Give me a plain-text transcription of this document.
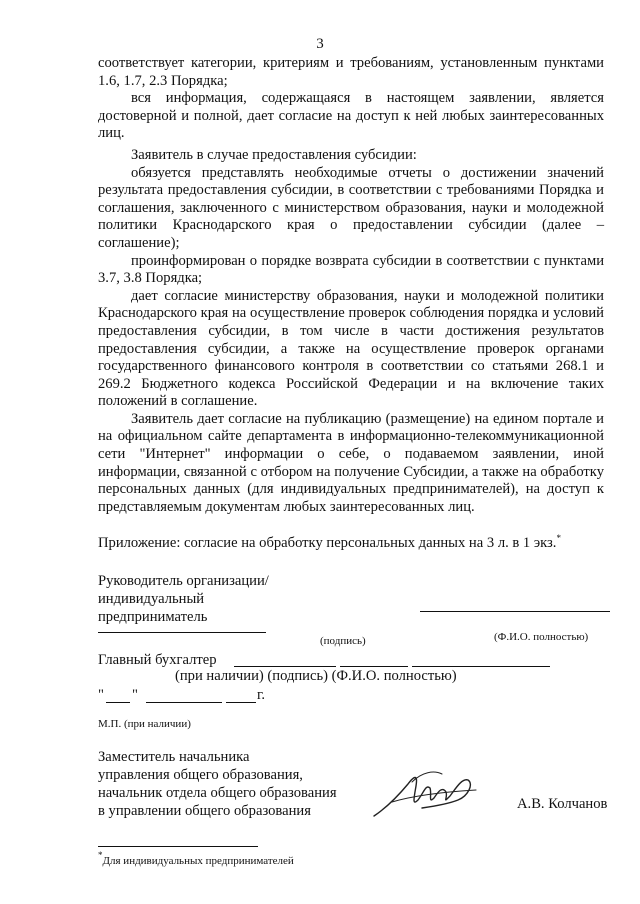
3

соответствует категории, критериям и требованиям, установленным пунктами 1.6, 1.7, 2.3 Порядка;

вся информация, содержащаяся в настоящем заявлении, является достоверной и полной, дает согласие на доступ к ней любых заинтересованных лиц.

Заявитель в случае предоставления субсидии:

обязуется представлять необходимые отчеты о достижении значений результата предоставления субсидии, в соответствии с требованиями Порядка и соглашения, заключенного с министерством образования, науки и молодежной политики Краснодарского края о предоставлении субсидии (далее – соглашение);

проинформирован о порядке возврата субсидии в соответствии с пунктами 3.7, 3.8 Порядка;

дает согласие министерству образования, науки и молодежной политики Краснодарского края на осуществление проверок соблюдения порядка и условий предоставления субсидии, в том числе в части достижения результатов предоставления субсидии, а также на осуществление проверок органами государственного финансового контроля в соответствии со статьями 268.1 и 269.2 Бюджетного кодекса Российской Федерации и на включение таких положений в соглашение.

Заявитель дает согласие на публикацию (размещение) на едином портале и на официальном сайте департамента в информационно-телекоммуникационной сети "Интернет" информации о себе, о подаваемом заявлении, иной информации, связанной с отбором на получение Субсидии, а также на обработку персональных данных (для индивидуальных предпринимателей), на доступ к представляемым документам любых заинтересованных лиц.

Приложение: согласие на обработку персональных данных на 3 л. в 1 экз.*
Руководитель организации/
индивидуальный
предприниматель
(подпись)	(Ф.И.О. полностью)
Главный бухгалтер
(при наличии) (подпись) (Ф.И.О. полностью)
" "	г.
М.П. (при наличии)
Заместитель начальника
управления общего образования,
начальник отдела общего образования
в управлении общего образования	А.В. Колчанов
*Для индивидуальных предпринимателей
